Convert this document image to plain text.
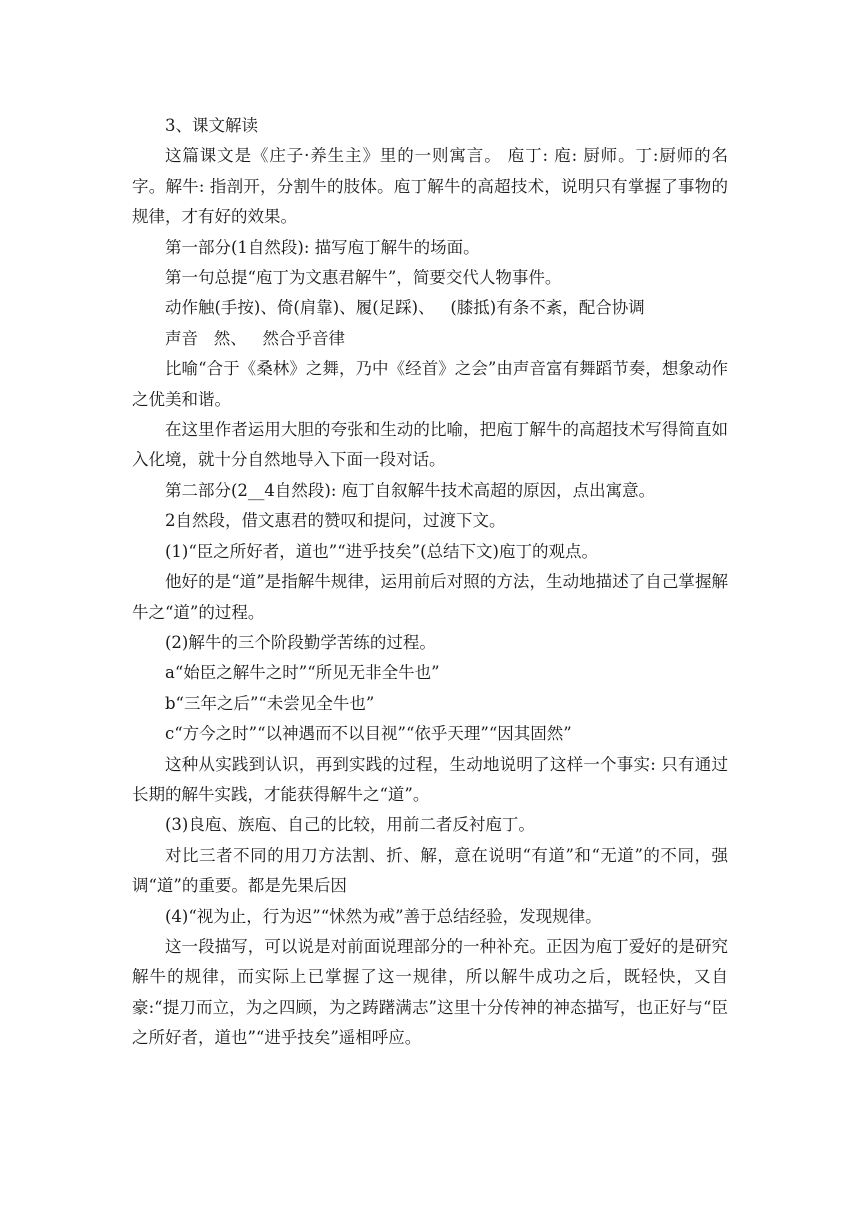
3、课文解读

这篇课文是《庄子·养生主》里的一则寓言。 庖丁: 庖: 厨师。丁:厨师的名字。解牛: 指剖开，分割牛的肢体。庖丁解牛的高超技术，说明只有掌握了事物的规律，才有好的效果。

第一部分(1自然段): 描写庖丁解牛的场面。

第一句总提“庖丁为文惠君解牛”，简要交代人物事件。

动作触(手按)、倚(肩靠)、履(足踩)、   (膝抵)有条不紊，配合协调

声音   然、   然合乎音律

比喻“合于《桑林》之舞，乃中《经首》之会”由声音富有舞蹈节奏，想象动作之优美和谐。

在这里作者运用大胆的夸张和生动的比喻，把庖丁解牛的高超技术写得简直如入化境，就十分自然地导入下面一段对话。

第二部分(2__4自然段): 庖丁自叙解牛技术高超的原因，点出寓意。

2自然段，借文惠君的赞叹和提问，过渡下文。

(1)“臣之所好者，道也”“进乎技矣”(总结下文)庖丁的观点。

他好的是“道”是指解牛规律，运用前后对照的方法，生动地描述了自己掌握解牛之“道”的过程。

(2)解牛的三个阶段勤学苦练的过程。

a“始臣之解牛之时”“所见无非全牛也”

b“三年之后”“未尝见全牛也”

c“方今之时”“以神遇而不以目视”“依乎天理”“因其固然”

这种从实践到认识，再到实践的过程，生动地说明了这样一个事实: 只有通过长期的解牛实践，才能获得解牛之“道”。

(3)良庖、族庖、自己的比较，用前二者反衬庖丁。

对比三者不同的用刀方法割、折、解，意在说明“有道”和“无道”的不同，强调“道”的重要。都是先果后因

(4)“视为止，行为迟”“怵然为戒”善于总结经验，发现规律。

这一段描写，可以说是对前面说理部分的一种补充。正因为庖丁爱好的是研究解牛的规律，而实际上已掌握了这一规律，所以解牛成功之后，既轻快，又自豪:“提刀而立，为之四顾，为之踌躇满志”这里十分传神的神态描写，也正好与“臣之所好者，道也”“进乎技矣”遥相呼应。
